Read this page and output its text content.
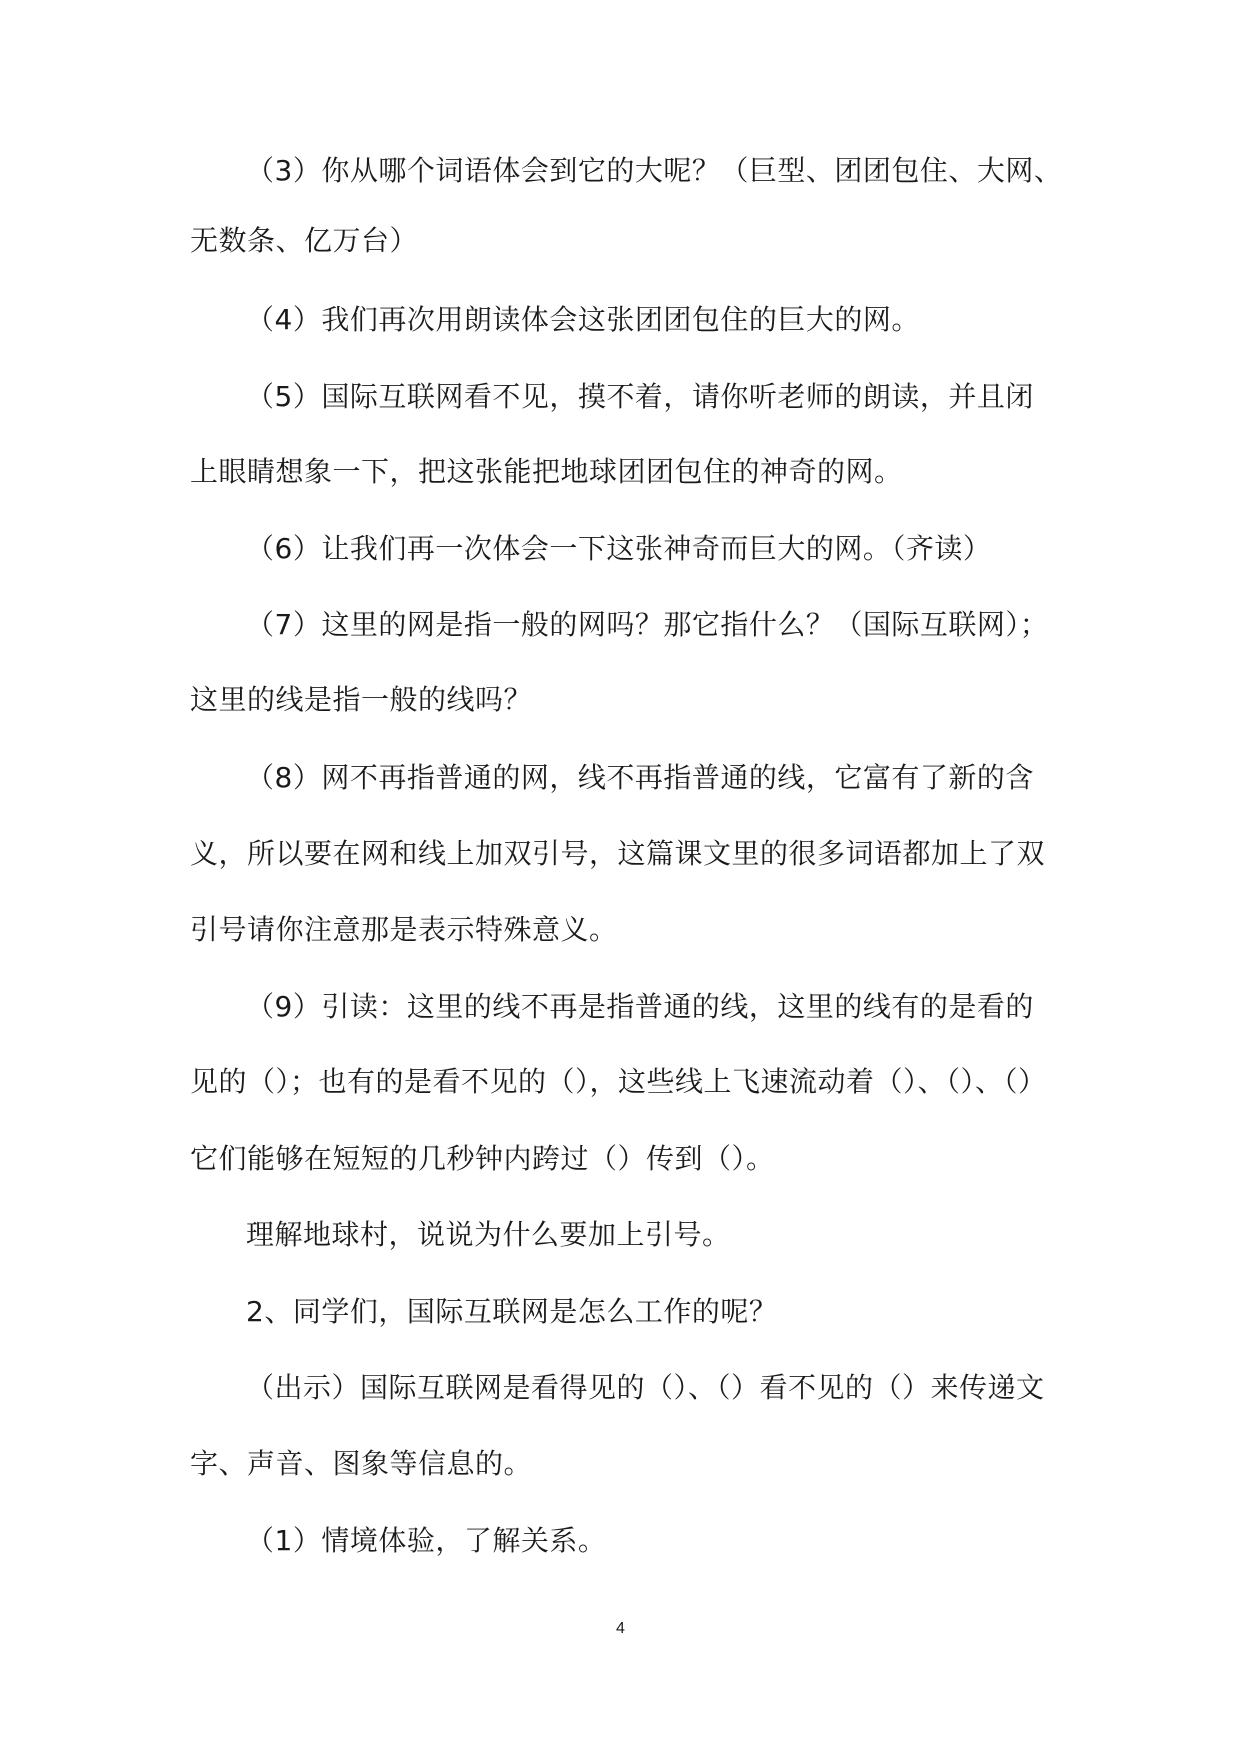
（3）你从哪个词语体会到它的大呢？（巨型、团团包住、大网、
无数条、亿万台）
（4）我们再次用朗读体会这张团团包住的巨大的网。
（5）国际互联网看不见，摸不着，请你听老师的朗读，并且闭
上眼睛想象一下，把这张能把地球团团包住的神奇的网。
（6）让我们再一次体会一下这张神奇而巨大的网。（齐读）
（7）这里的网是指一般的网吗？那它指什么？（国际互联网）；
这里的线是指一般的线吗？
（8）网不再指普通的网，线不再指普通的线，它富有了新的含
义，所以要在网和线上加双引号，这篇课文里的很多词语都加上了双
引号请你注意那是表示特殊意义。
（9）引读：这里的线不再是指普通的线，这里的线有的是看的
见的（）；也有的是看不见的（），这些线上飞速流动着（）、（）、（）
它们能够在短短的几秒钟内跨过（）传到（）。
理解地球村，说说为什么要加上引号。
2、同学们，国际互联网是怎么工作的呢？
（出示）国际互联网是看得见的（）、（）看不见的（）来传递文
字、声音、图象等信息的。
（1）情境体验，了解关系。
4
